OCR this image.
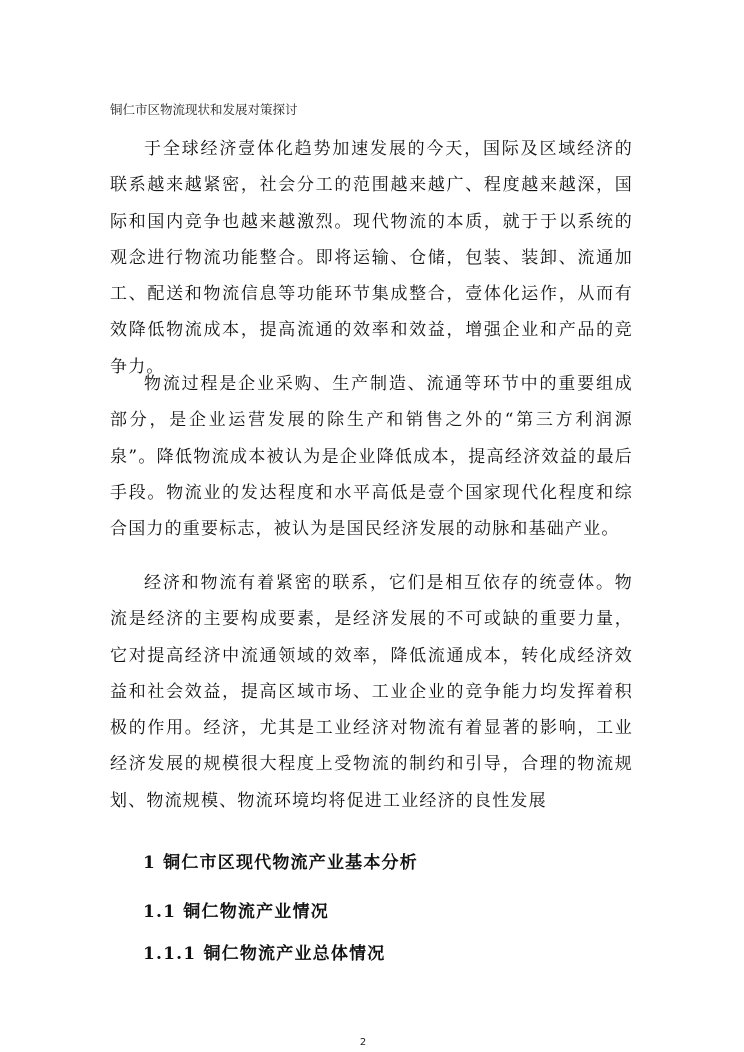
铜仁市区物流现状和发展对策探讨

于全球经济壹体化趋势加速发展的今天，国际及区域经济的联系越来越紧密，社会分工的范围越来越广、程度越来越深，国际和国内竞争也越来越激烈。现代物流的本质，就于于以系统的观念进行物流功能整合。即将运输、仓储，包装、装卸、流通加工、配送和物流信息等功能环节集成整合，壹体化运作，从而有效降低物流成本，提高流通的效率和效益，增强企业和产品的竞争力。

物流过程是企业采购、生产制造、流通等环节中的重要组成部分，是企业运营发展的除生产和销售之外的“第三方利润源泉”。降低物流成本被认为是企业降低成本，提高经济效益的最后手段。物流业的发达程度和水平高低是壹个国家现代化程度和综合国力的重要标志，被认为是国民经济发展的动脉和基础产业。

经济和物流有着紧密的联系，它们是相互依存的统壹体。物流是经济的主要构成要素，是经济发展的不可或缺的重要力量，它对提高经济中流通领域的效率，降低流通成本，转化成经济效益和社会效益，提高区域市场、工业企业的竞争能力均发挥着积极的作用。经济，尤其是工业经济对物流有着显著的影响，工业经济发展的规模很大程度上受物流的制约和引导，合理的物流规划、物流规模、物流环境均将促进工业经济的良性发展

1 铜仁市区现代物流产业基本分析
1.1 铜仁物流产业情况
1.1.1 铜仁物流产业总体情况
2
